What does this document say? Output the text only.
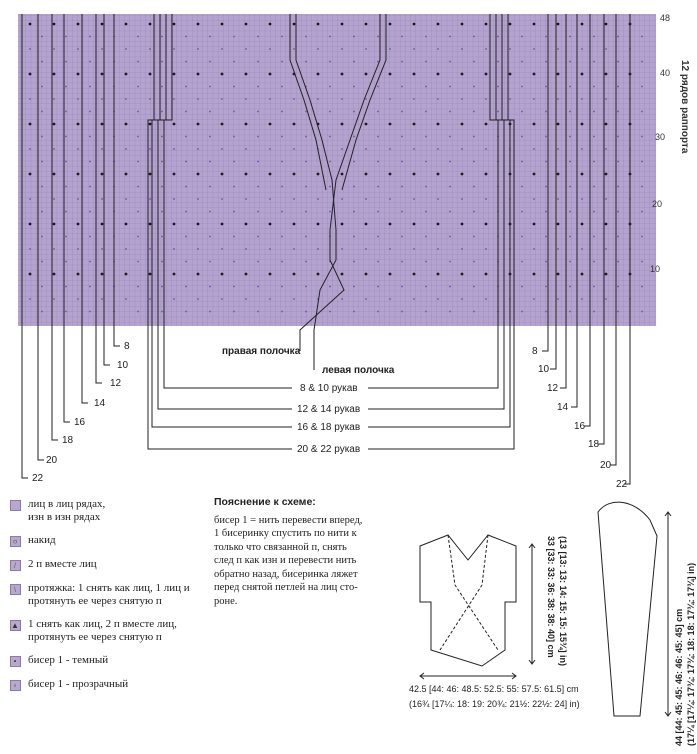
48
40
30
20
10
12 рядов раппорта
правая полочка
левая полочка
8 & 10 рукав
12 & 14 рукав
16 & 18 рукав
20 & 22 рукав
8
10
12
14
16
18
20
22
8
10
12
14
16
18
20
22
33 [33: 33: 36: 38: 38: 40] cm (13 [13: 13: 14: 15: 15: 15¾] in)
42.5 [44: 46: 48.5: 52.5: 55: 57.5: 61.5] cm
(16¾ [17¼: 18: 19: 20¾: 21½: 22½: 24] in)	44 [44: 45: 45: 46: 46: 45: 45] cm (17¼ [17¼: 17¾: 17¾: 18: 18: 17¾: 17¾] in)
лиц в лиц рядах,
изн в изн рядах
○ накид
/	2 п вместе лиц
\	протяжка: 1 снять как лиц, 1 лиц и
протянуть ее через снятую п
▲ 1 снять как лиц, 2 п вместе лиц,
протянуть ее через снятую п
•	бисер 1 - темный
◦	бисер 1 - прозрачный
Пояснение к схеме:
бисер 1 = нить перевести вперед,
1 бисеринку спустить по нити к
только что связанной п, снять
след п как изн и перевести нить
обратно назад, бисеринка ляжет
перед снятой петлей на лиц сто-
роне.
